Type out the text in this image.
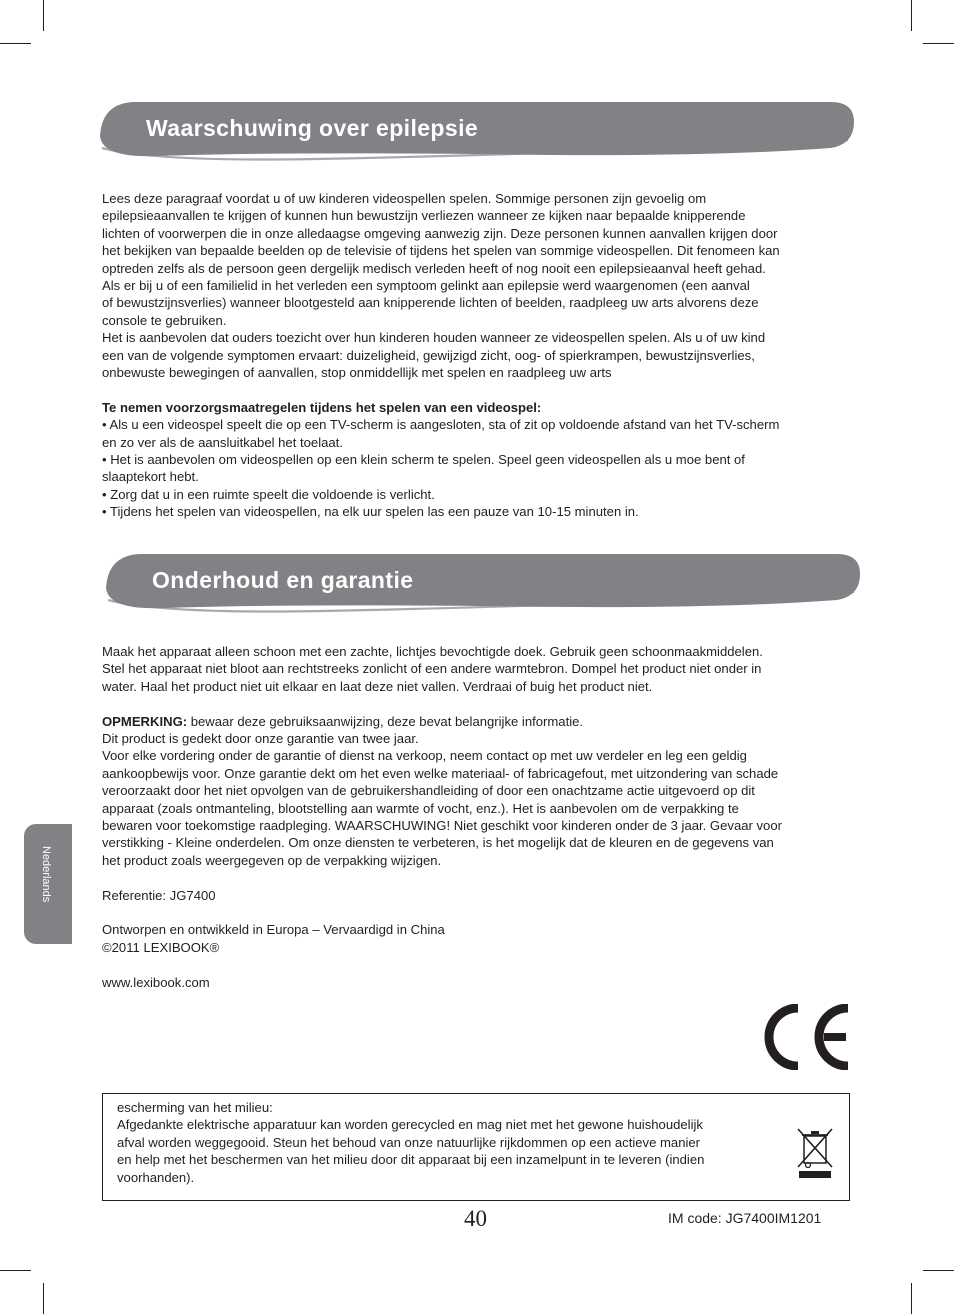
Waarschuwing over epilepsie

Lees deze paragraaf voordat u of uw kinderen videospellen spelen. Sommige personen zijn gevoelig om

epilepsieaanvallen te krijgen of kunnen hun bewustzijn verliezen wanneer ze kijken naar bepaalde knipperende

lichten of voorwerpen die in onze alledaagse omgeving aanwezig zijn. Deze personen kunnen aanvallen krijgen door

het bekijken van bepaalde beelden op de televisie of tijdens het spelen van sommige videospellen. Dit fenomeen kan

optreden zelfs als de persoon geen dergelijk medisch verleden heeft of nog nooit een epilepsieaanval heeft gehad.

Als er bij u of een familielid in het verleden een symptoom gelinkt aan epilepsie werd waargenomen (een aanval

of bewustzijnsverlies) wanneer blootgesteld aan knipperende lichten of beelden, raadpleeg uw arts alvorens deze

console te gebruiken.

Het is aanbevolen dat ouders toezicht over hun kinderen houden wanneer ze videospellen spelen. Als u of uw kind

een van de volgende symptomen ervaart: duizeligheid, gewijzigd zicht, oog- of spierkrampen, bewustzijnsverlies,

onbewuste bewegingen of aanvallen, stop onmiddellijk met spelen en raadpleeg uw arts

Te nemen voorzorgsmaatregelen tijdens het spelen van een videospel:

• Als u een videospel speelt die op een TV-scherm is aangesloten, sta of zit op voldoende afstand van het TV-scherm

en zo ver als de aansluitkabel het toelaat.

• Het is aanbevolen om videospellen op een klein scherm te spelen. Speel geen videospellen als u moe bent of

slaaptekort hebt.

• Zorg dat u in een ruimte speelt die voldoende is verlicht.

• Tijdens het spelen van videospellen, na elk uur spelen las een pauze van 10-15 minuten in.

Onderhoud en garantie

Maak het apparaat alleen schoon met een zachte, lichtjes bevochtigde doek. Gebruik geen schoonmaakmiddelen.

Stel het apparaat niet bloot aan rechtstreeks zonlicht of een andere warmtebron. Dompel het product niet onder in

water. Haal het product niet uit elkaar en laat deze niet vallen. Verdraai of buig het product niet.

OPMERKING: bewaar deze gebruiksaanwijzing, deze bevat belangrijke informatie.

Dit product is gedekt door onze garantie van twee jaar.

Voor elke vordering onder de garantie of dienst na verkoop, neem contact op met uw verdeler en leg een geldig

aankoopbewijs voor. Onze garantie dekt om het even welke materiaal- of fabricagefout, met uitzondering van schade

veroorzaakt door het niet opvolgen van de gebruikershandleiding of door een onachtzame actie uitgevoerd op dit

apparaat (zoals ontmanteling, blootstelling aan warmte of vocht, enz.). Het is aanbevolen om de verpakking te

bewaren voor toekomstige raadpleging. WAARSCHUWING! Niet geschikt voor kinderen onder de 3 jaar. Gevaar voor

verstikking - Kleine onderdelen. Om onze diensten te verbeteren, is het mogelijk dat de kleuren en de gegevens van

het product zoals weergegeven op de verpakking wijzigen.

Referentie: JG7400

Ontworpen en ontwikkeld in Europa – Vervaardigd in China

©2011 LEXIBOOK®

www.lexibook.com

Nederlands

escherming van het milieu:

Afgedankte elektrische apparatuur kan worden gerecycled en mag niet met het gewone huishoudelijk

afval worden weggegooid. Steun het behoud van onze natuurlijke rijkdommen op een actieve manier

en help met het beschermen van het milieu door dit apparaat bij een inzamelpunt in te leveren (indien

voorhanden).

40	IM code: JG7400IM1201
